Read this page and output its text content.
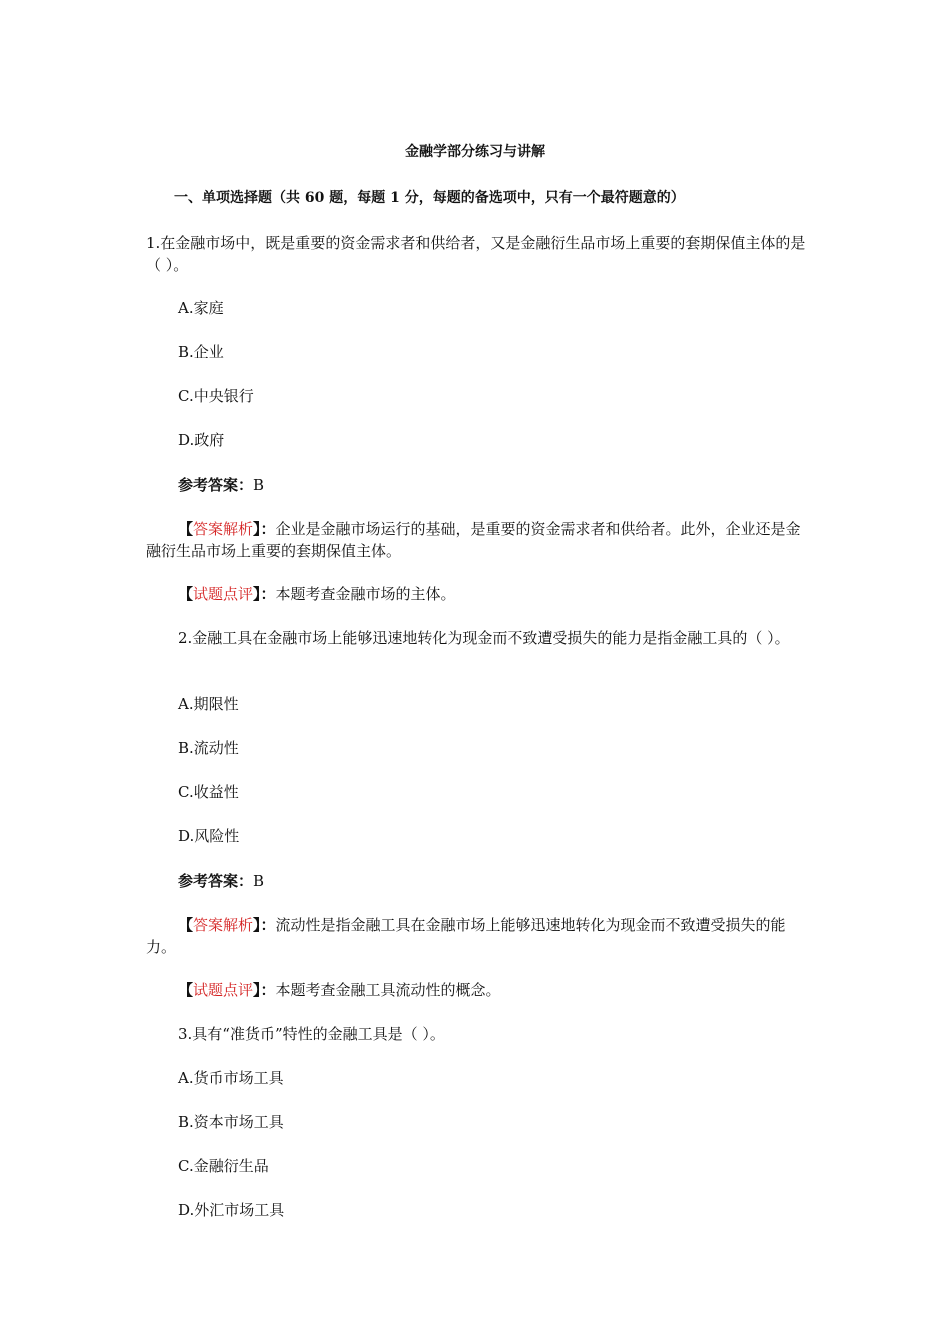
金融学部分练习与讲解
一、单项选择题（共 60 题，每题 1 分，每题的备选项中，只有一个最符题意的）
1.在金融市场中，既是重要的资金需求者和供给者，又是金融衍生品市场上重要的套期保值主体的是（ ）。
A.家庭
B.企业
C.中央银行
D.政府
参考答案：B
【答案解析】：企业是金融市场运行的基础，是重要的资金需求者和供给者。此外，企业还是金融衍生品市场上重要的套期保值主体。
【试题点评】：本题考查金融市场的主体。
2.金融工具在金融市场上能够迅速地转化为现金而不致遭受损失的能力是指金融工具的（ ）。
A.期限性
B.流动性
C.收益性
D.风险性
参考答案：B
【答案解析】：流动性是指金融工具在金融市场上能够迅速地转化为现金而不致遭受损失的能力。
【试题点评】：本题考查金融工具流动性的概念。
3.具有“准货币”特性的金融工具是（ ）。
A.货币市场工具
B.资本市场工具
C.金融衍生品
D.外汇市场工具
